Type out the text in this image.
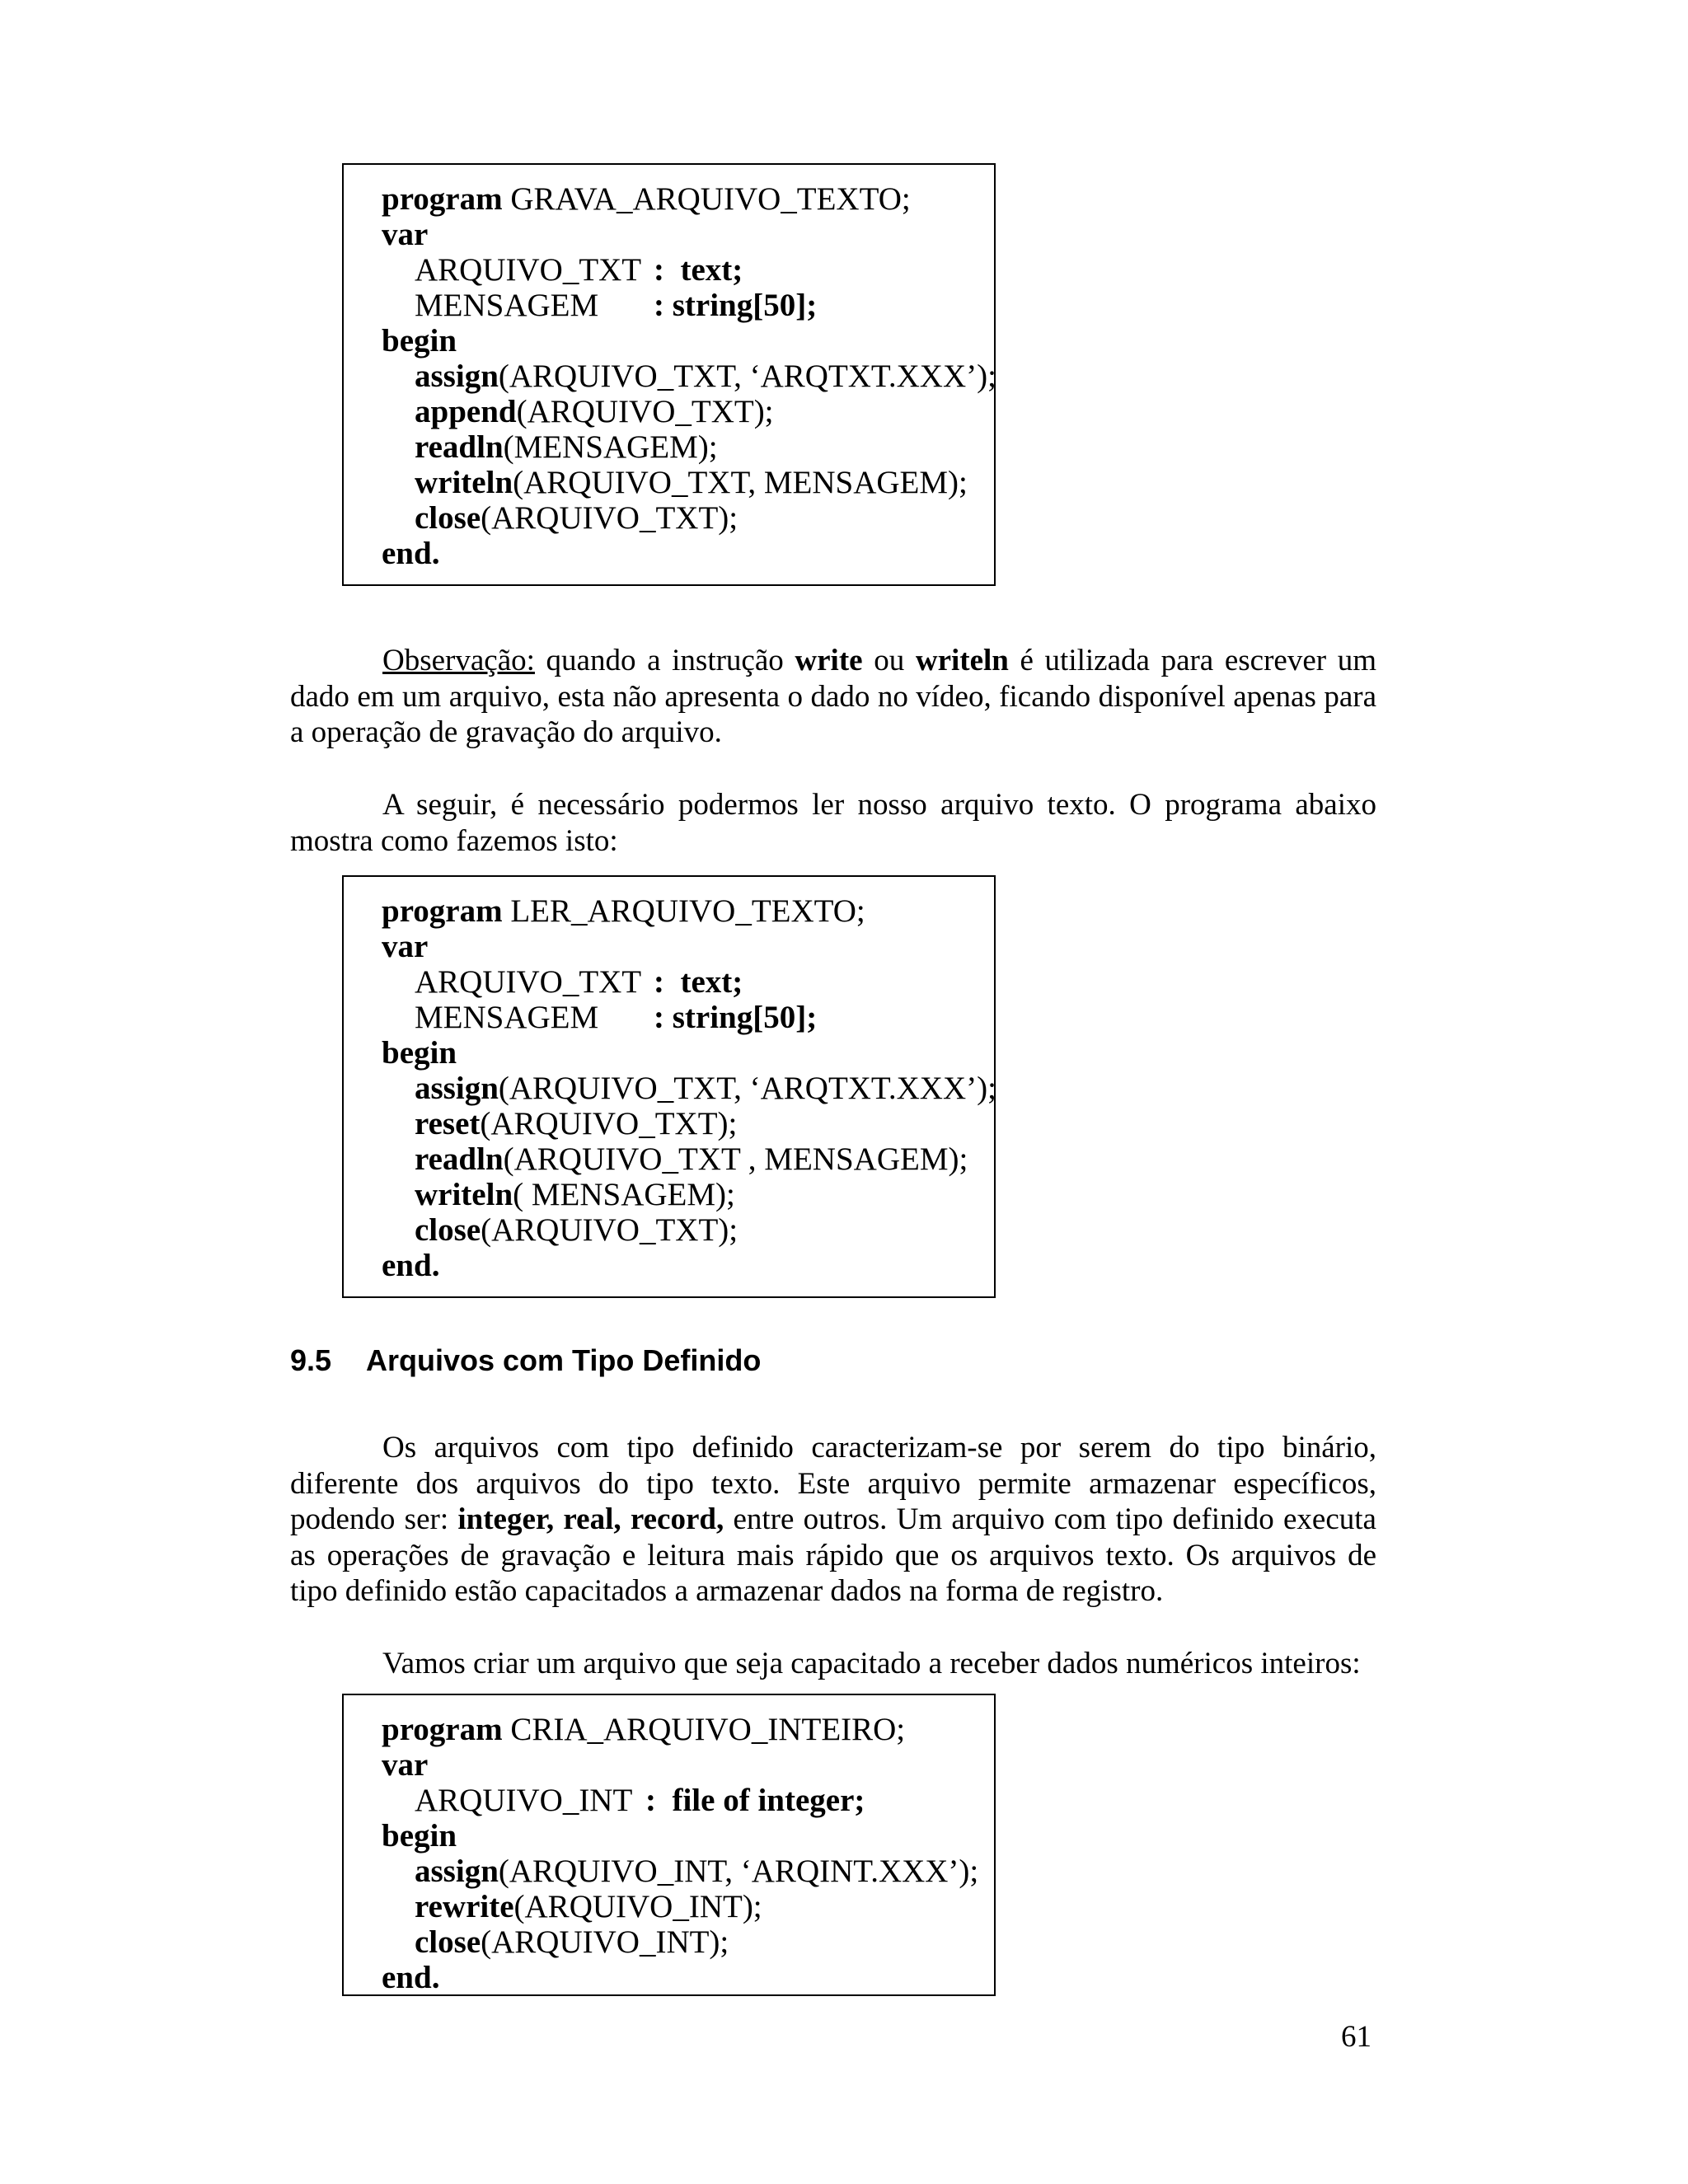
program GRAVA_ARQUIVO_TEXTO;
var
ARQUIVO_TXT :  text;
MENSAGEM : string[50];
begin
assign(ARQUIVO_TXT, ‘ARQTXT.XXX’);
append(ARQUIVO_TXT);
readln(MENSAGEM);
writeln(ARQUIVO_TXT, MENSAGEM);
close(ARQUIVO_TXT);
end.

Observação: quando a instrução write ou writeln é utilizada para escrever um dado em um arquivo, esta não apresenta o dado no vídeo, ficando disponível apenas para a operação de gravação do arquivo.

A seguir, é necessário podermos ler nosso arquivo texto. O programa abaixo mostra como fazemos isto:

program LER_ARQUIVO_TEXTO;
var
ARQUIVO_TXT :  text;
MENSAGEM : string[50];
begin
assign(ARQUIVO_TXT, ‘ARQTXT.XXX’);
reset(ARQUIVO_TXT);
readln(ARQUIVO_TXT , MENSAGEM);
writeln( MENSAGEM);
close(ARQUIVO_TXT);
end.
9.5 Arquivos com Tipo Definido

Os arquivos com tipo definido caracterizam-se por serem do tipo binário, diferente dos arquivos do tipo texto. Este arquivo permite armazenar específicos, podendo ser: integer, real, record, entre outros. Um arquivo com tipo definido executa as operações de gravação e leitura mais rápido que os arquivos texto. Os arquivos de tipo definido estão capacitados a armazenar dados na forma de registro.

Vamos criar um arquivo que seja capacitado a receber dados numéricos inteiros:

program CRIA_ARQUIVO_INTEIRO;
var
ARQUIVO_INT :  file of integer;
begin
assign(ARQUIVO_INT, ‘ARQINT.XXX’);
rewrite(ARQUIVO_INT);
close(ARQUIVO_INT);
end.
61
